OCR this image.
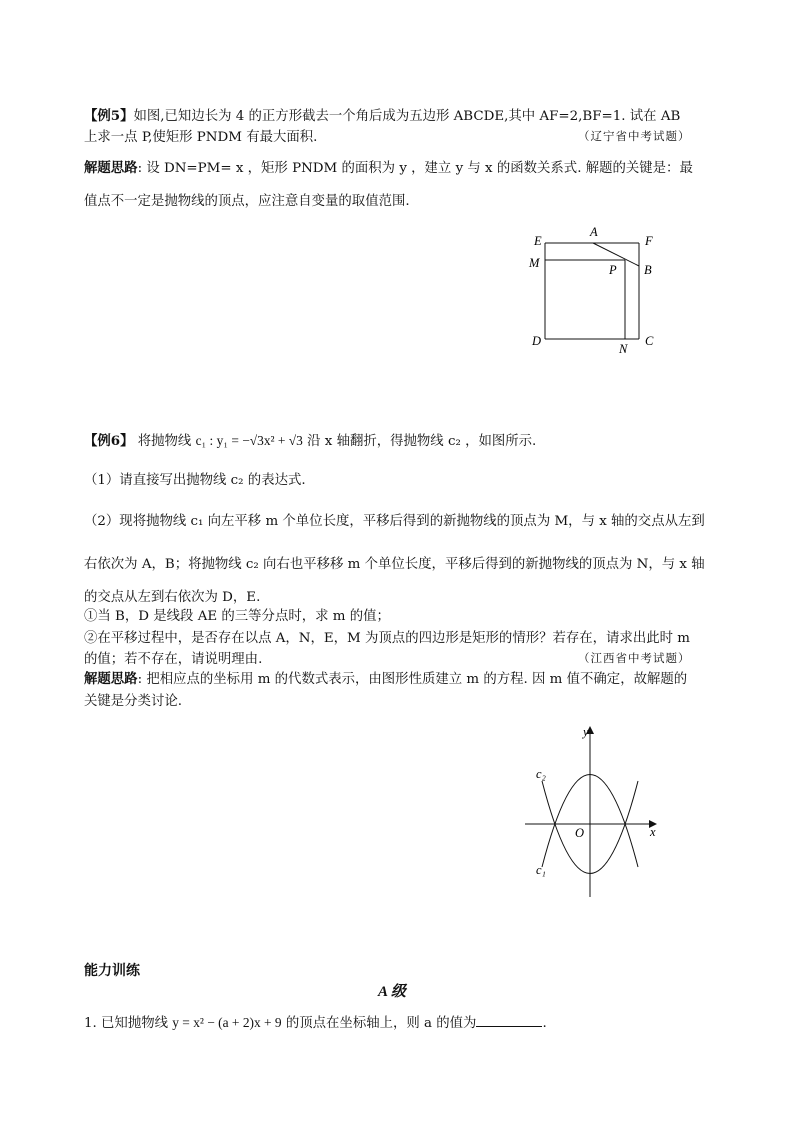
【例5】如图,已知边长为 4 的正方形截去一个角后成为五边形 ABCDE,其中 AF=2,BF=1. 试在 AB
上求一点 P,使矩形 PNDM 有最大面积.	（辽宁省中考试题）
解题思路: 设 DN=PM= x ，矩形 PNDM 的面积为 y ，建立 y 与 x 的函数关系式. 解题的关键是：最
值点不一定是抛物线的顶点，应注意自变量的取值范围.
E
A
F
M	P B
D
N
C
【例6】 将抛物线 c₁ : y₁ = −√3x² + √3 沿 x 轴翻折，得抛物线 c₂ ，如图所示.
（1）请直接写出抛物线 c₂ 的表达式.
（2）现将抛物线 c₁ 向左平移 m 个单位长度，平移后得到的新抛物线的顶点为 M，与 x 轴的交点从左到
右依次为 A，B；将抛物线 c₂ 向右也平移移 m 个单位长度，平移后得到的新抛物线的顶点为 N，与 x 轴
的交点从左到右依次为 D，E.
①当 B，D 是线段 AE 的三等分点时，求 m 的值；
②在平移过程中，是否存在以点 A，N，E，M 为顶点的四边形是矩形的情形？若存在，请求出此时 m
的值；若不存在，请说明理由.	（江西省中考试题）
解题思路: 把相应点的坐标用 m 的代数式表示，由图形性质建立 m 的方程. 因 m 值不确定，故解题的
关键是分类讨论.
y
x
O
c₂
c₁
能力训练
A 级
1. 已知抛物线 y = x² − (a + 2)x + 9 的顶点在坐标轴上，则 a 的值为	.
